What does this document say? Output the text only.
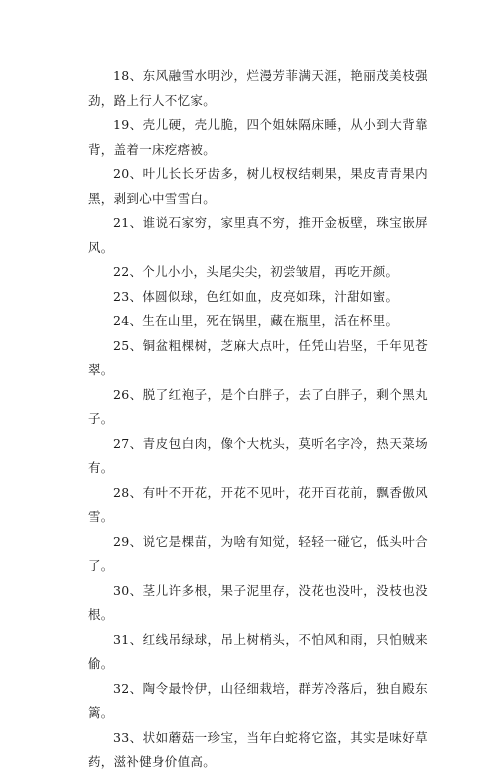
18、东风融雪水明沙，烂漫芳菲满天涯，艳丽茂美枝强劲，路上行人不忆家。

19、壳儿硬，壳儿脆，四个姐妹隔床睡，从小到大背靠背，盖着一床疙瘩被。

20、叶儿长长牙齿多，树儿杈杈结刺果，果皮青青果内黑，剥到心中雪雪白。

21、谁说石家穷，家里真不穷，推开金板壁，珠宝嵌屏风。

22、个儿小小，头尾尖尖，初尝皱眉，再吃开颜。

23、体圆似球，色红如血，皮亮如珠，汁甜如蜜。

24、生在山里，死在锅里，藏在瓶里，活在杯里。

25、铜盆粗棵树，芝麻大点叶，任凭山岩坚，千年见苍翠。

26、脱了红袍子，是个白胖子，去了白胖子，剩个黑丸子。

27、青皮包白肉，像个大枕头，莫听名字冷，热天菜场有。

28、有叶不开花，开花不见叶，花开百花前，飘香傲风雪。

29、说它是棵苗，为啥有知觉，轻轻一碰它，低头叶合了。

30、茎儿许多根，果子泥里存，没花也没叶，没枝也没根。

31、红线吊绿球，吊上树梢头，不怕风和雨，只怕贼来偷。

32、陶令最怜伊，山径细栽培，群芳冷落后，独自殿东篱。

33、状如蘑菇一珍宝，当年白蛇将它盗，其实是味好草药，滋补健身价值高。
